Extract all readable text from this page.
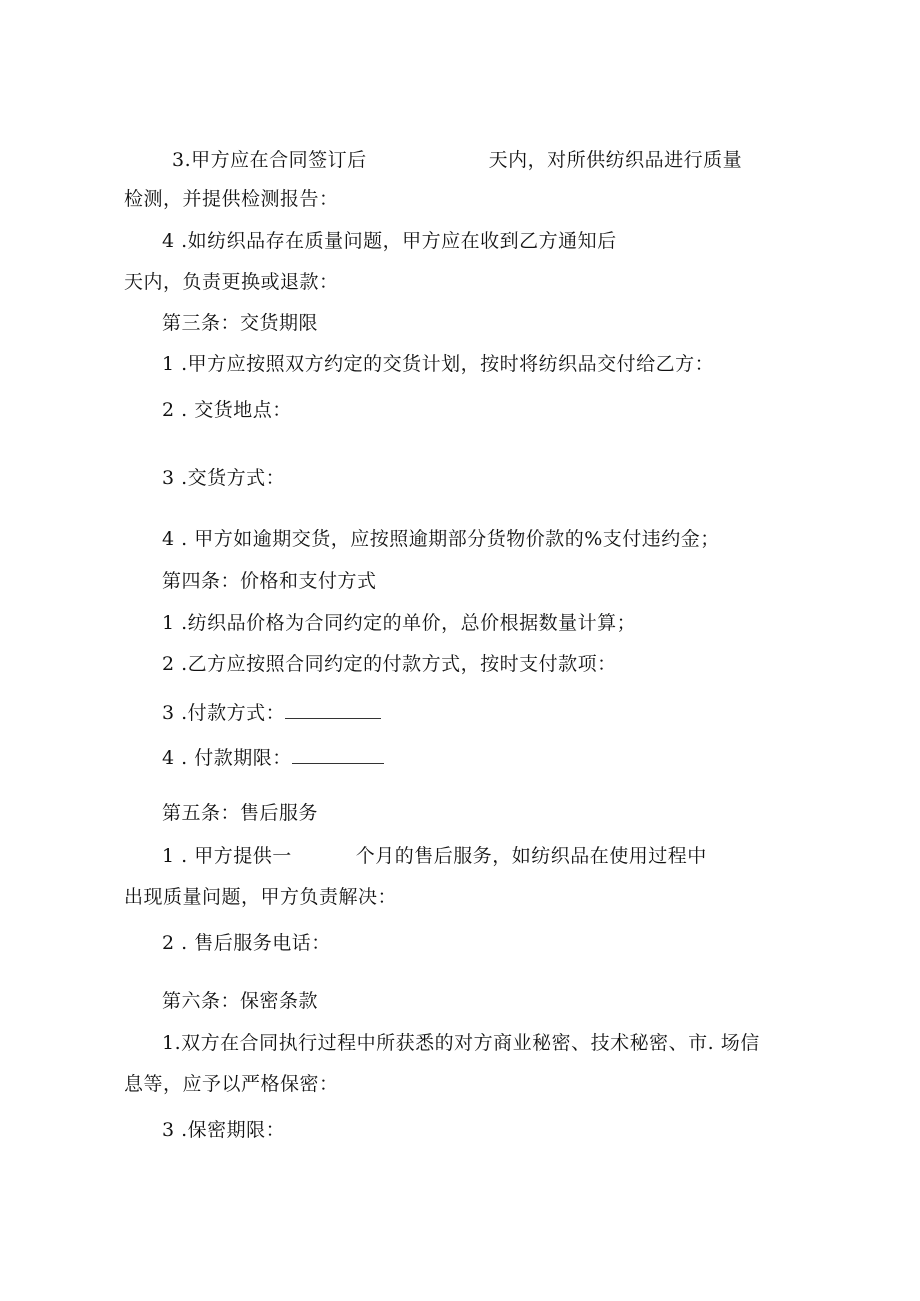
3.甲方应在合同签订后	天内，对所供纺织品进行质量
检测，并提供检测报告：
4 .如纺织品存在质量问题，甲方应在收到乙方通知后
天内，负责更换或退款：
第三条：交货期限
1 .甲方应按照双方约定的交货计划，按时将纺织品交付给乙方：
2 . 交货地点：
3 .交货方式：
4 . 甲方如逾期交货，应按照逾期部分货物价款的%支付违约金；
第四条：价格和支付方式
1 .纺织品价格为合同约定的单价，总价根据数量计算；
2 .乙方应按照合同约定的付款方式，按时支付款项：
3 .付款方式：
4 . 付款期限：
第五条：售后服务
1 . 甲方提供一	个月的售后服务，如纺织品在使用过程中
出现质量问题，甲方负责解决：
2 . 售后服务电话：
第六条：保密条款
1.双方在合同执行过程中所获悉的对方商业秘密、技术秘密、市. 场信
息等，应予以严格保密：
3 .保密期限：
